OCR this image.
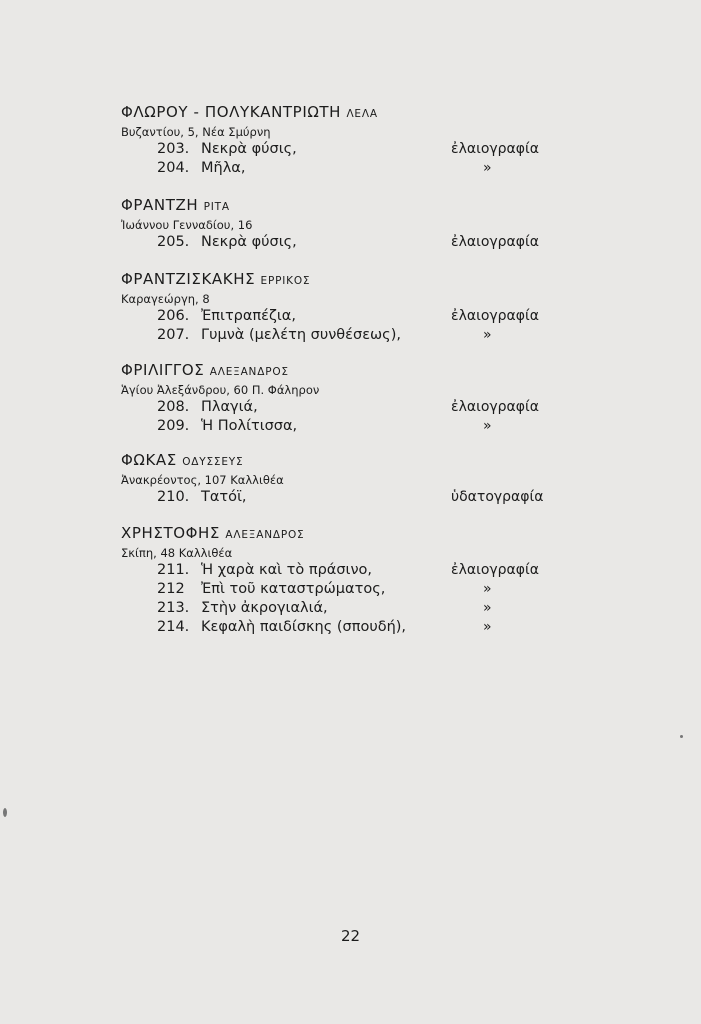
ΦΛΩΡΟΥ - ΠΟΛΥΚΑΝΤΡΙΩΤΗ ΛΕΛΑ
Βυζαντίου, 5, Νέα Σμύρνη
203. Νεκρὰ φύσις,	ἐλαιογραφία
204. Μῆλα,	»
ΦΡΑΝΤΖΗ ΡΙΤΑ
Ἰωάννου Γενναδίου, 16
205. Νεκρὰ φύσις,	ἐλαιογραφία
ΦΡΑΝΤΖΙΣΚΑΚΗΣ ΕΡΡΙΚΟΣ
Καραγεώργη, 8
206. Ἐπιτραπέζια,	ἐλαιογραφία
207. Γυμνὰ (μελέτη συνθέσεως),	»
ΦΡΙΛΙΓΓΟΣ ΑΛΕΞΑΝΔΡΟΣ
Ἁγίου Ἀλεξάνδρου, 60 Π. Φάληρον
208. Πλαγιά,	ἐλαιογραφία
209. Ἡ Πολίτισσα,	»
ΦΩΚΑΣ ΟΔΥΣΣΕΥΣ
Ἀνακρέοντος, 107 Καλλιθέα
210. Τατόϊ,	ὑδατογραφία
ΧΡΗΣΤΟΦΗΣ ΑΛΕΞΑΝΔΡΟΣ
Σκίπη, 48 Καλλιθέα
211. Ἡ χαρὰ καὶ τὸ πράσινο,	ἐλαιογραφία
212 Ἐπὶ τοῦ καταστρώματος,	»
213. Στὴν ἀκρογιαλιά,	»
214. Κεφαλὴ παιδίσκης (σπουδή),	»
22
